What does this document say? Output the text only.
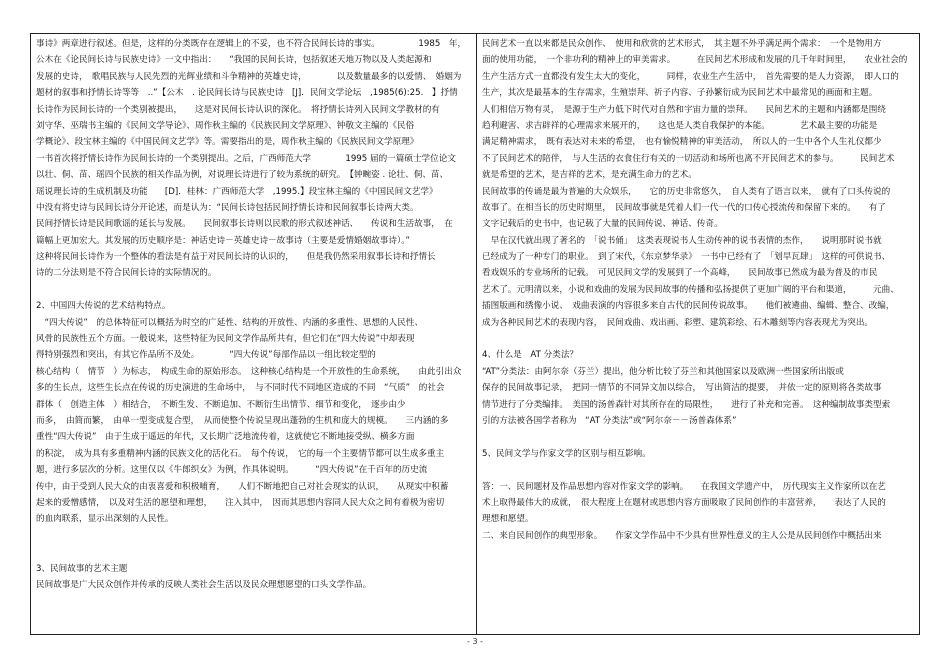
事诗》两章进行叙述。但是，这样的分类既存在逻辑上的不妥，也不符合民间长诗的事实。　　　　　1985　年，
公木在《论民间长诗与民族史诗》一文中指出：　　“我国的民间长诗，包括叙述天地万物以及人类起源和
发展的史诗，　歌唱民族与人民先烈的光辉业绩和斗争精神的英雄史诗，　　　　以及数量最多的以爱情、　婚姻为
题材的叙事和抒情长诗等等　..”【公木　. 论民间长诗与民族史诗　[J]．民间文学论坛　,1985(6):25.　】抒情
长诗作为民间长诗的一个类别被提出，　　这是对民间长诗认识的深化。　将抒情长诗列入民间文学教材的有
刘守华、巫瑞书主编的《民间文学导论》、周作秋主编的《民族民间文学原理》、钟敬文主编的《民俗
学概论》、段宝林主编的《中国民间文艺学》等。需要指出的是，周作秋主编的《民族民间文学原理》
一书首次将抒情长诗作为民间长诗的一个类别提出。之后，广西师范大学　　　　1995 届的一篇硕士学位论文
以壮、侗、苗、瑶四个民族的相关作品为例，对说理长诗进行了较为系统的研究。　【钟畹姿 . 论壮、侗、苗、
瑶说理长诗的生成机制及功能　　[D]．桂林：广西师范大学　,1995.】段宝林主编的《中国民间文艺学》
中没有将史诗与民间长诗分开论述，而是认为：“民间长诗包括民间抒情长诗和民间叙事长诗两大类。
民间抒情长诗是民间歌谣的延长与发展。　　民间叙事长诗则以民歌的形式叙述神话、　　传说和生活故事，　在
篇幅上更加宏大。其发展的历史顺序是：神话史诗－英雄史诗－故事诗（主要是爱情婚姻故事诗）。”
这种将民间长诗作为一个整体的看法是有益于对民间长诗的认识的，　　但是我仍然采用叙事长诗和抒情长
诗的二分法则是不符合民间长诗的实际情况的。
2、中国四大传说的艺术结构特点。
　“四大传说”　的总体特征可以概括为时空的广延性、结构的开放性、内涵的多重性、思想的人民性、
风骨的民族性五个方面。一般说来，这些特征为民间文学作品所共有，但它们在“四大传说”中却表现
得特别强烈和突出，有其它作品所不及处。　　　　“四大传说”每部作品以一组比较定型的
核心结构（　情节　）为标志，　构成生命的原始形态。　这种核心结构是一个开放性的生命系统，　　由此引出众
多的生长点，这些生长点在传说的历史演进的生命场中，　与不同时代不同地区造成的不同　“气质”　的社会
群体（　创造主体　）相结合，　不断生发、不断追加、不断衍生出情节、细节和变化，　逐步由少
而多，　由简而繁，　由单一型变成复合型，　从而使整个传说呈现出蓬勃的生机和庞大的规模。　　三内涵的多
重性“四大传说”　由于生成于遥远的年代，又长期广泛地流传着，这就使它不断地接受纵、横多方面
的积淀，　成为具有多重精神内涵的民族文化的活化石。　每个传说，　它的每一个主要情节都可以生成多重主
题，进行多层次的分析。这里仅以《牛郎织女》为例，作具体说明。　　　“四大传说”在千百年的历史流
传中，由于受到人民大众的由衷喜爱和积极哺育，　　人们不断地把自己对社会现实的认识，　　从现实中积蓄
起来的爱憎感情，　以及对生活的愿望和理想，　　注入其中，　因而其思想内容同人民大众之间有着极为密切
的血肉联系，显示出深刻的人民性。
3、民间故事的艺术主题
民间故事是广大民众创作并传承的反映人类社会生活以及民众理想愿望的口头文学作品。
民间艺术一直以来都是民众创作、　使用和欣赏的艺术形式，　其主题不外乎满足两个需求：　一个是物用方
面的使用功能，　一个非功利的精神上的审美需求。　　　在民间艺术形成和发展的几千年时间里，　　农业社会的
生产生活方式一直都没有发生太大的变化，　　　同样，农业生产生活中，　首先需要的是人力资源，　即人口的
生产，其次是最基本的生存需求，生殖崇拜、祈子内容、子孙繁衍成为民间艺术中最常见的画面和主题。
人们相信万物有灵，　是源于生产力低下时代对自然和宇宙力量的崇拜。　　民间艺术的主题和内涵都是围绕
趋利避害、求吉辟祥的心理需求来展开的，　　这也是人类自我保护的本能。　　　　艺术最主要的功能是
满足精神需求，　既有表达对未来的希望，　也有愉悦精神的审美活动，　所以人的一生中各个人生礼仪都少
不了民间艺术的陪伴，　与人生活的衣食住行有关的一切活动和场所也离不开民间艺术的参与。　　　民间艺术
就是希望的艺术，是吉祥的艺术，是充满生命力的艺术。
民间故事的传诵是最为普遍的大众娱乐，　　它的历史非常悠久，　自人类有了语言以来，　就有了口头传说的
故事了。在相当长的历史时期里，　民间故事就是凭着人们一代一代的口传心授流传和保留下来的。　　有了
文字记载后的史书中，也记载了大量的民间传说、神话、传奇。
　早在汉代就出现了著名的　「说书俑」　这类表现说书人生动传神的说书表情的杰作，　　说明那时说书就
已经成为了一种专门的职业。　到了宋代，《东京梦华录》　一书中已经有了　「划旱瓦肆」　这样的可供说书、
看戏娱乐的专业场所的记载。　可见民间文学的发展到了一个高峰，　　民间故事已然成为最为普及的市民
艺术了。元明清以来，小说和戏曲的发展为民间故事的传播和弘扬提供了更加广阔的平台和渠道，　　　元曲、
插图版画和绣像小说、　戏曲表演的内容很多来自古代的民间传说故事。　　他们被遴曲、编辑、整合、改编，
成为各种民间艺术的表现内容，　民间戏曲、戏出画、彩塑、建筑彩绘、石木雕刻等内容表现尤为突出。
4、什么是　AT 分类法？
“AT”分类法：由阿尔奈（芬兰）提出，他分析比较了芬兰和其他国家以及欧洲一些国家所出版或
保存的民间故事记录，　把同一情节的不同异文加以综合，　写出简洁的提要，　并依一定的原则将各类故事
情节进行了分类编排。　美国的汤普森针对其所存在的局限性，　　进行了补充和完善。　这种编制故事类型索
引的方法被各国学者称为　“AT 分类法”或“阿尔奈－－汤普森体系”
5、民间文学与作家文学的区别与相互影响。
答：一、民间题材及作品思想内容对作家文学的影响。　　在我国文学遗产中，　历代现实主义作家所以在艺
术上取得最伟大的成就，　很大程度上在题材或思想内容方面吸取了民间创作的丰富营养，　　表达了人民的
理想和愿望。
二、来自民间创作的典型形象。　　作家文学作品中不少具有世界性意义的主人公是从民间创作中概括出来
- 3 -
